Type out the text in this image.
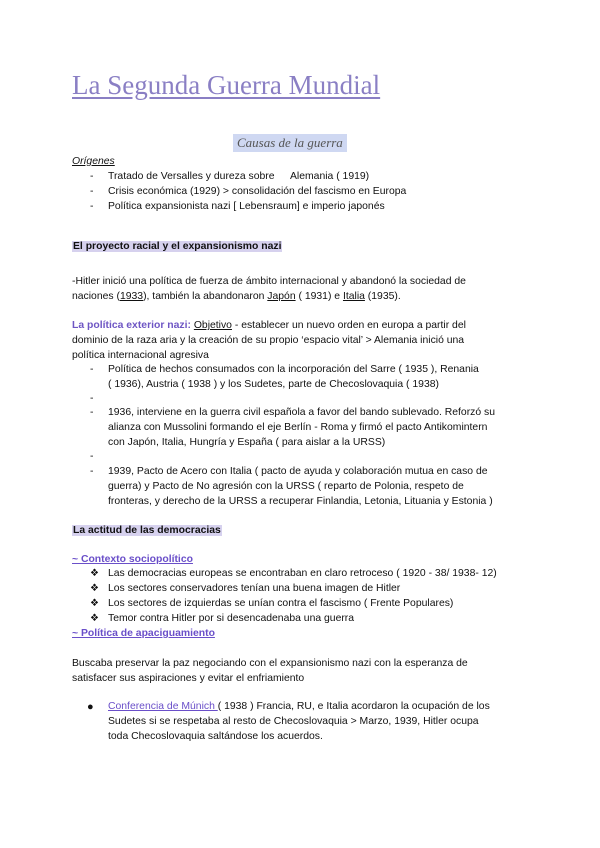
La Segunda Guerra Mundial
Causas de la guerra
Orígenes
- Tratado de Versalles y dureza sobre Alemania ( 1919)
- Crisis económica (1929) > consolidación del fascismo en Europa
- Política expansionista nazi [ Lebensraum] e imperio japonés
El proyecto racial y el expansionismo nazi
-Hitler inició una política de fuerza de ámbito internacional y abandonó la sociedad de
naciones (1933), también la abandonaron Japón ( 1931) e Italia (1935).
La política exterior nazi: Objetivo - establecer un nuevo orden en europa a partir del
dominio de la raza aria y la creación de su propio ‘espacio vital’ > Alemania inició una
política internacional agresiva
- Política de hechos consumados con la incorporación del Sarre ( 1935 ), Renania
( 1936), Austria ( 1938 ) y los Sudetes, parte de Checoslovaquia ( 1938)
-
- 1936, interviene en la guerra civil española a favor del bando sublevado. Reforzó su
alianza con Mussolini formando el eje Berlín - Roma y firmó el pacto Antikomintern
con Japón, Italia, Hungría y España ( para aislar a la URSS)
-
- 1939, Pacto de Acero con Italia ( pacto de ayuda y colaboración mutua en caso de
guerra) y Pacto de No agresión con la URSS ( reparto de Polonia, respeto de
fronteras, y derecho de la URSS a recuperar Finlandia, Letonia, Lituania y Estonia )
La actitud de las democracias
~ Contexto sociopolítico
❖ Las democracias europeas se encontraban en claro retroceso ( 1920 - 38/ 1938- 12)
❖ Los sectores conservadores tenían una buena imagen de Hitler
❖ Los sectores de izquierdas se unían contra el fascismo ( Frente Populares)
❖ Temor contra Hitler por si desencadenaba una guerra
~ Política de apaciguamiento
Buscaba preservar la paz negociando con el expansionismo nazi con la esperanza de
satisfacer sus aspiraciones y evitar el enfriamiento
● Conferencia de Múnich ( 1938 ) Francia, RU, e Italia acordaron la ocupación de los
Sudetes si se respetaba al resto de Checoslovaquia > Marzo, 1939, Hitler ocupa
toda Checoslovaquia saltándose los acuerdos.
